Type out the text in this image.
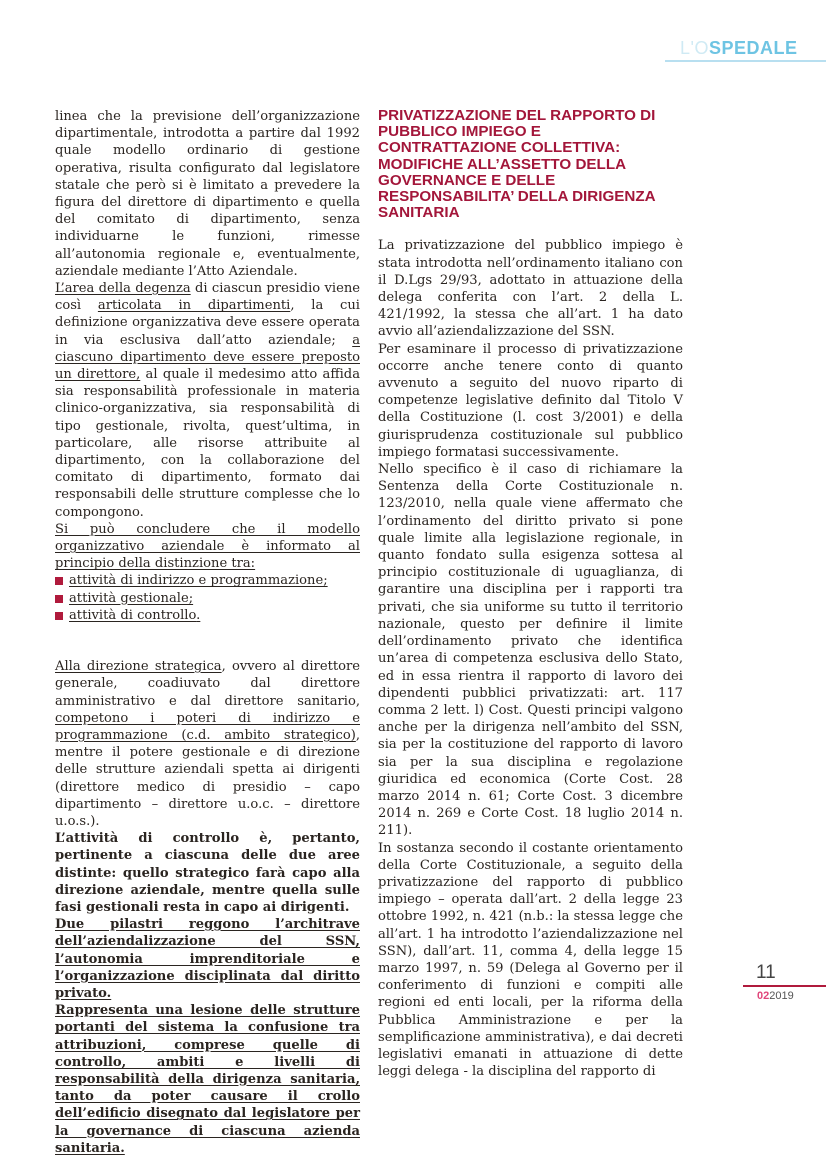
L'OSPEDALE

linea che la previsione dell’organizzazione dipartimentale, introdotta a partire dal 1992 quale modello ordinario di gestione operativa, risulta configurato dal legislatore statale che però si è limitato a prevedere la figura del direttore di dipartimento e quella del comitato di dipartimento, senza individuarne le funzioni, rimesse all’autonomia regionale e, eventualmente, aziendale mediante l’Atto Aziendale.

L’area della degenza di ciascun presidio viene così articolata in dipartimenti, la cui definizione organizzativa deve essere operata in via esclusiva dall’atto aziendale; a ciascuno dipartimento deve essere preposto un direttore, al quale il medesimo atto affida sia responsabilità professionale in materia clinico-organizzativa, sia responsabilità di tipo gestionale, rivolta, quest’ultima, in particolare, alle risorse attribuite al dipartimento, con la collaborazione del comitato di dipartimento, formato dai responsabili delle strutture complesse che lo compongono.

Si può concludere che il modello organizzativo aziendale è informato al principio della distinzione tra:

attività di indirizzo e programmazione;
attività gestionale;
attività di controllo.

Alla direzione strategica, ovvero al direttore generale, coadiuvato dal direttore amministrativo e dal direttore sanitario, competono i poteri di indirizzo e programmazione (c.d. ambito strategico), mentre il potere gestionale e di direzione delle strutture aziendali spetta ai dirigenti (direttore medico di presidio – capo dipartimento – direttore u.o.c. – direttore u.o.s.).

L’attività di controllo è, pertanto, pertinente a ciascuna delle due aree distinte: quello strategico farà capo alla direzione aziendale, mentre quella sulle fasi gestionali resta in capo ai dirigenti.

Due pilastri reggono l’architrave dell’aziendalizzazione del SSN, l’autonomia imprenditoriale e l’organizzazione disciplinata dal diritto privato.

Rappresenta una lesione delle strutture portanti del sistema la confusione tra attribuzioni, comprese quelle di controllo, ambiti e livelli di responsabilità della dirigenza sanitaria, tanto da poter causare il crollo dell’edificio disegnato dal legislatore per la governance di ciascuna azienda sanitaria.

PRIVATIZZAZIONE DEL RAPPORTO DI PUBBLICO IMPIEGO E CONTRATTAZIONE COLLETTIVA: MODIFICHE ALL’ASSETTO DELLA GOVERNANCE E DELLE RESPONSABILITA’ DELLA DIRIGENZA SANITARIA

La privatizzazione del pubblico impiego è stata introdotta nell’ordinamento italiano con il D.Lgs 29/93, adottato in attuazione della delega conferita con l’art. 2 della L. 421/1992, la stessa che all’art. 1 ha dato avvio all’aziendalizzazione del SSN.

Per esaminare il processo di privatizzazione occorre anche tenere conto di quanto avvenuto a seguito del nuovo riparto di competenze legislative definito dal Titolo V della Costituzione (l. cost 3/2001) e della giurisprudenza costituzionale sul pubblico impiego formatasi successivamente.

Nello specifico è il caso di richiamare la Sentenza della Corte Costituzionale n. 123/2010, nella quale viene affermato che l’ordinamento del diritto privato si pone quale limite alla legislazione regionale, in quanto fondato sulla esigenza sottesa al principio costituzionale di uguaglianza, di garantire una disciplina per i rapporti tra privati, che sia uniforme su tutto il territorio nazionale, questo per definire il limite dell’ordinamento privato che identifica un’area di competenza esclusiva dello Stato, ed in essa rientra il rapporto di lavoro dei dipendenti pubblici privatizzati: art. 117 comma 2 lett. l) Cost. Questi principi valgono anche per la dirigenza nell’ambito del SSN, sia per la costituzione del rapporto di lavoro sia per la sua disciplina e regolazione giuridica ed economica (Corte Cost. 28 marzo 2014 n. 61; Corte Cost. 3 dicembre 2014 n. 269 e Corte Cost. 18 luglio 2014 n. 211).

In sostanza secondo il costante orientamento della Corte Costituzionale, a seguito della privatizzazione del rapporto di pubblico impiego – operata dall’art. 2 della legge 23 ottobre 1992, n. 421 (n.b.: la stessa legge che all’art. 1 ha introdotto l’aziendalizzazione nel SSN), dall’art. 11, comma 4, della legge 15 marzo 1997, n. 59 (Delega al Governo per il conferimento di funzioni e compiti alle regioni ed enti locali, per la riforma della Pubblica Amministrazione e per la semplificazione amministrativa), e dai decreti legislativi emanati in attuazione di dette leggi delega - la disciplina del rapporto di

11
022019
